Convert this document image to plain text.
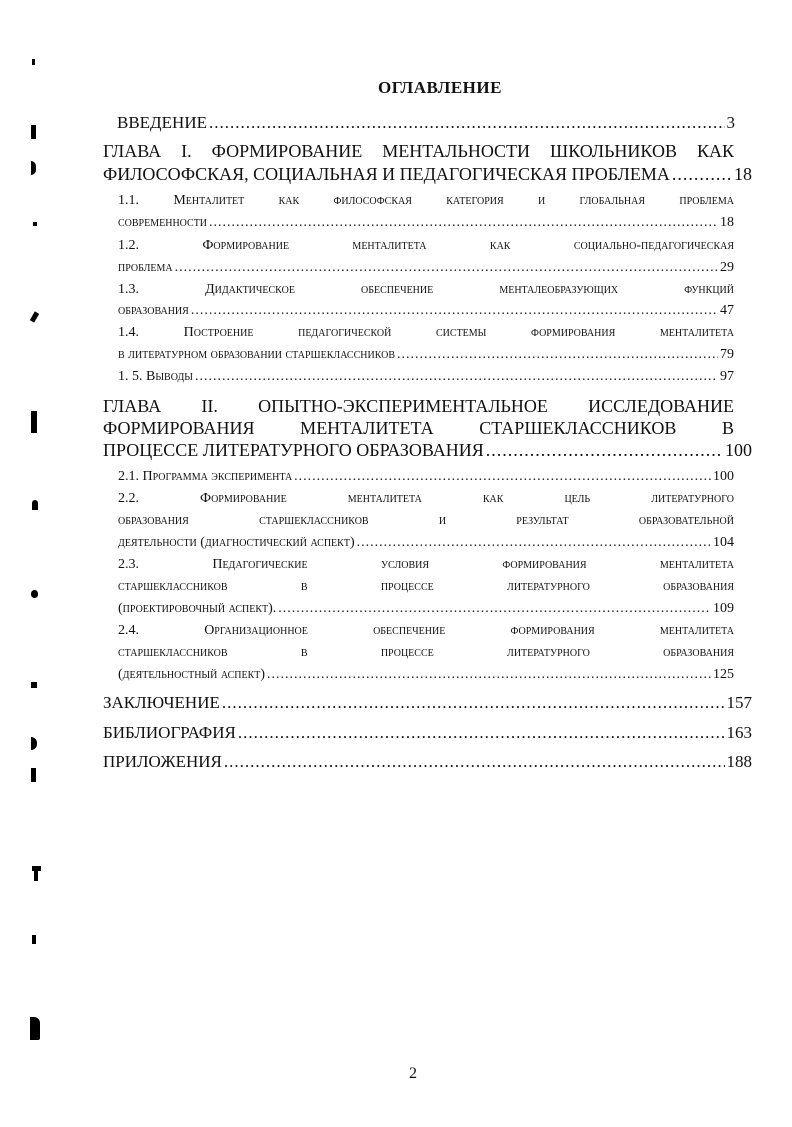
ОГЛАВЛЕНИЕ
ВВЕДЕНИЕ .....	3
ГЛАВА I. ФОРМИРОВАНИЕ МЕНТАЛЬНОСТИ ШКОЛЬНИКОВ КАК
ФИЛОСОФСКАЯ, СОЦИАЛЬНАЯ И ПЕДАГОГИЧЕСКАЯ ПРОБЛЕМА .....	18
1.1. Менталитет как философская категория и глобальная проблема
современности .....	18
1.2. Формирование менталитета как социально-педагогическая
проблема .....	29
1.3. Дидактическое обеспечение менталеобразующих функций
образования .....	47
1.4. Построение педагогической системы формирования менталитета
в литературном образовании старшеклассников .....	79
1. 5. Выводы .....	97
ГЛАВА II. ОПЫТНО-ЭКСПЕРИМЕНТАЛЬНОЕ ИССЛЕДОВАНИЕ
ФОРМИРОВАНИЯ МЕНТАЛИТЕТА СТАРШЕКЛАССНИКОВ В
ПРОЦЕССЕ ЛИТЕРАТУРНОГО ОБРАЗОВАНИЯ .....	100
2.1. Программа эксперимента .....	100
2.2. Формирование менталитета как цель литературного
образования старшеклассников и результат образовательной
деятельности (диагностический аспект) .....	104
2.3. Педагогические условия формирования менталитета
старшеклассников в процессе литературного образования
(проектировочный аспект). .....	109
2.4. Организационное обеспечение формирования менталитета
старшеклассников в процессе литературного образования
(деятельностный аспект) .....	125
ЗАКЛЮЧЕНИЕ .....	157
БИБЛИОГРАФИЯ .....	163
ПРИЛОЖЕНИЯ .....	188
2
